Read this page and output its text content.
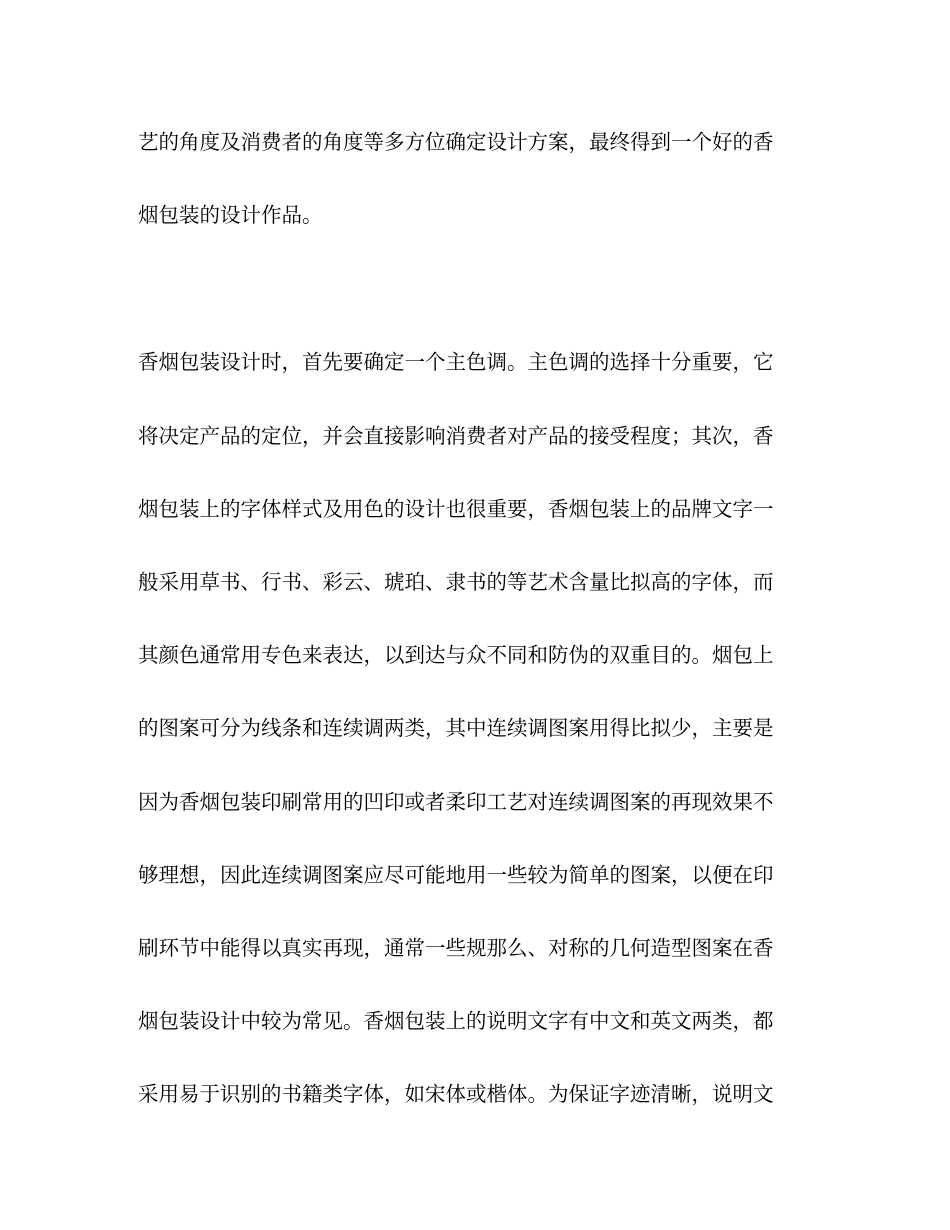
艺的角度及消费者的角度等多方位确定设计方案，最终得到一个好的香
烟包装的设计作品。
香烟包装设计时，首先要确定一个主色调。主色调的选择十分重要，它
将决定产品的定位，并会直接影响消费者对产品的接受程度；其次，香
烟包装上的字体样式及用色的设计也很重要，香烟包装上的品牌文字一
般采用草书、行书、彩云、琥珀、隶书的等艺术含量比拟高的字体，而
其颜色通常用专色来表达，以到达与众不同和防伪的双重目的。烟包上
的图案可分为线条和连续调两类，其中连续调图案用得比拟少，主要是
因为香烟包装印刷常用的凹印或者柔印工艺对连续调图案的再现效果不
够理想，因此连续调图案应尽可能地用一些较为简单的图案，以便在印
刷环节中能得以真实再现，通常一些规那么、对称的几何造型图案在香
烟包装设计中较为常见。香烟包装上的说明文字有中文和英文两类，都
采用易于识别的书籍类字体，如宋体或楷体。为保证字迹清晰，说明文
